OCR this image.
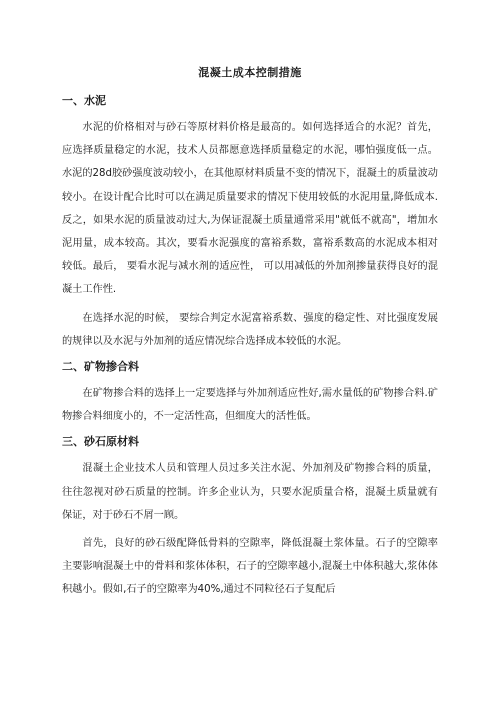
混凝土成本控制措施
一、水泥

水泥的价格相对与砂石等原材料价格是最高的。如何选择适合的水泥？首先，应选择质量稳定的水泥，技术人员都愿意选择质量稳定的水泥，哪怕强度低一点。水泥的28d胶砂强度波动较小，在其他原材料质量不变的情况下，混凝土的质量波动较小。在设计配合比时可以在满足质量要求的情况下使用较低的水泥用量,降低成本.反之，如果水泥的质量波动过大,为保证混凝土质量通常采用"就低不就高"，增加水泥用量，成本较高。其次，要看水泥强度的富裕系数，富裕系数高的水泥成本相对较低。最后， 要看水泥与减水剂的适应性， 可以用减低的外加剂掺量获得良好的混凝土工作性.

在选择水泥的时候， 要综合判定水泥富裕系数、强度的稳定性、对比强度发展的规律以及水泥与外加剂的适应情况综合选择成本较低的水泥。

二、矿物掺合料

在矿物掺合料的选择上一定要选择与外加剂适应性好,需水量低的矿物掺合料.矿物掺合料细度小的，不一定活性高，但细度大的活性低。

三、砂石原材料

混凝土企业技术人员和管理人员过多关注水泥、外加剂及矿物掺合料的质量，往往忽视对砂石质量的控制。许多企业认为，只要水泥质量合格，混凝土质量就有保证，对于砂石不屑一顾。

首先，良好的砂石级配降低骨料的空隙率，降低混凝土浆体量。石子的空隙率主要影响混凝土中的骨料和浆体体积，石子的空隙率越小,混凝土中体积越大,浆体体积越小。假如,石子的空隙率为40%,通过不同粒径石子复配后
